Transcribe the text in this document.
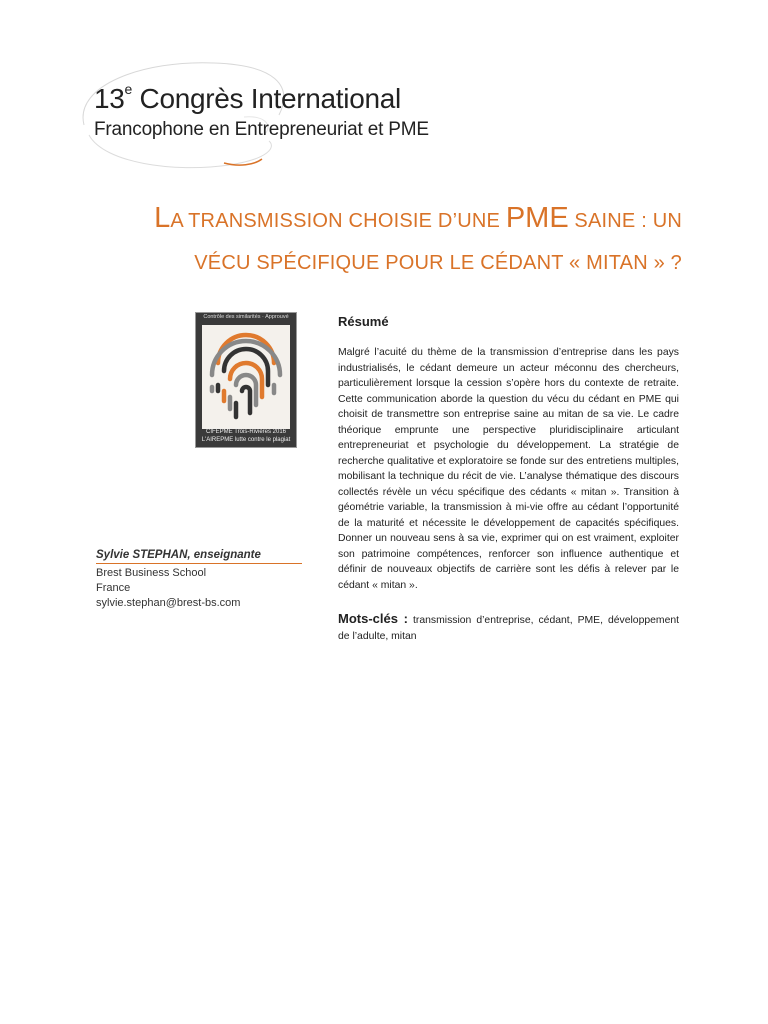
13e Congrès International
Francophone en Entrepreneuriat et PME
LA TRANSMISSION CHOISIE D’UNE PME SAINE : UN
VÉCU SPÉCIFIQUE POUR LE CÉDANT « MITAN » ?
Contrôle des similarités · Approuvé
CIFEPME Trois-Rivières 2016
L'AIREPME lutte contre le plagiat
Sylvie STEPHAN, enseignante
Brest Business School
France
sylvie.stephan@brest-bs.com
Résumé
Malgré l’acuité du thème de la transmission d’entreprise dans les pays industrialisés, le cédant demeure un acteur méconnu des chercheurs, particulièrement lorsque la cession s’opère hors du contexte de retraite. Cette communication aborde la question du vécu du cédant en PME qui choisit de transmettre son entreprise saine au mitan de sa vie. Le cadre théorique emprunte une perspective pluridisciplinaire articulant entrepreneuriat et psychologie du développement. La stratégie de recherche qualitative et exploratoire se fonde sur des entretiens multiples, mobilisant la technique du récit de vie. L’analyse thématique des discours collectés révèle un vécu spécifique des cédants « mitan ». Transition à géométrie variable, la transmission à mi-vie offre au cédant l’opportunité de la maturité et nécessite le développement de capacités spécifiques. Donner un nouveau sens à sa vie, exprimer qui on est vraiment, exploiter son patrimoine compétences, renforcer son influence authentique et définir de nouveaux objectifs de carrière sont les défis à relever par le cédant « mitan ».
Mots-clés : transmission d’entreprise, cédant, PME, développement de l’adulte, mitan
